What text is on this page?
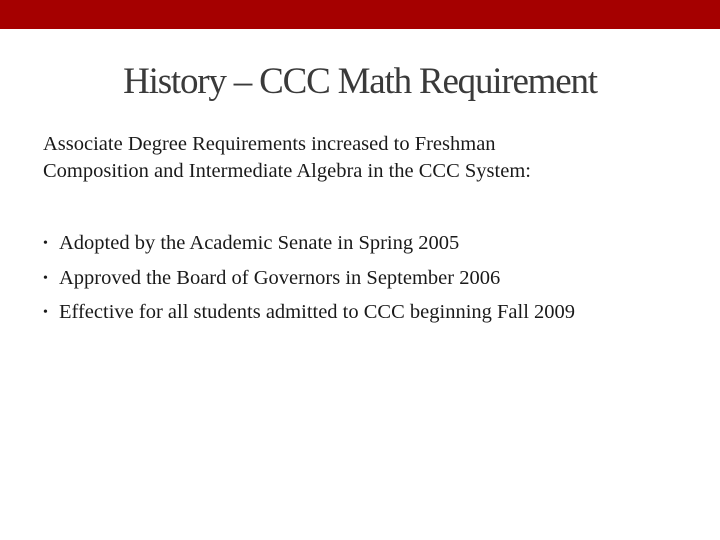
History – CCC Math Requirement
Associate Degree Requirements increased to Freshman
Composition and Intermediate Algebra in the CCC System:
• Adopted by the Academic Senate in Spring 2005
• Approved the Board of Governors in September 2006
• Effective for all students admitted to CCC beginning Fall 2009
